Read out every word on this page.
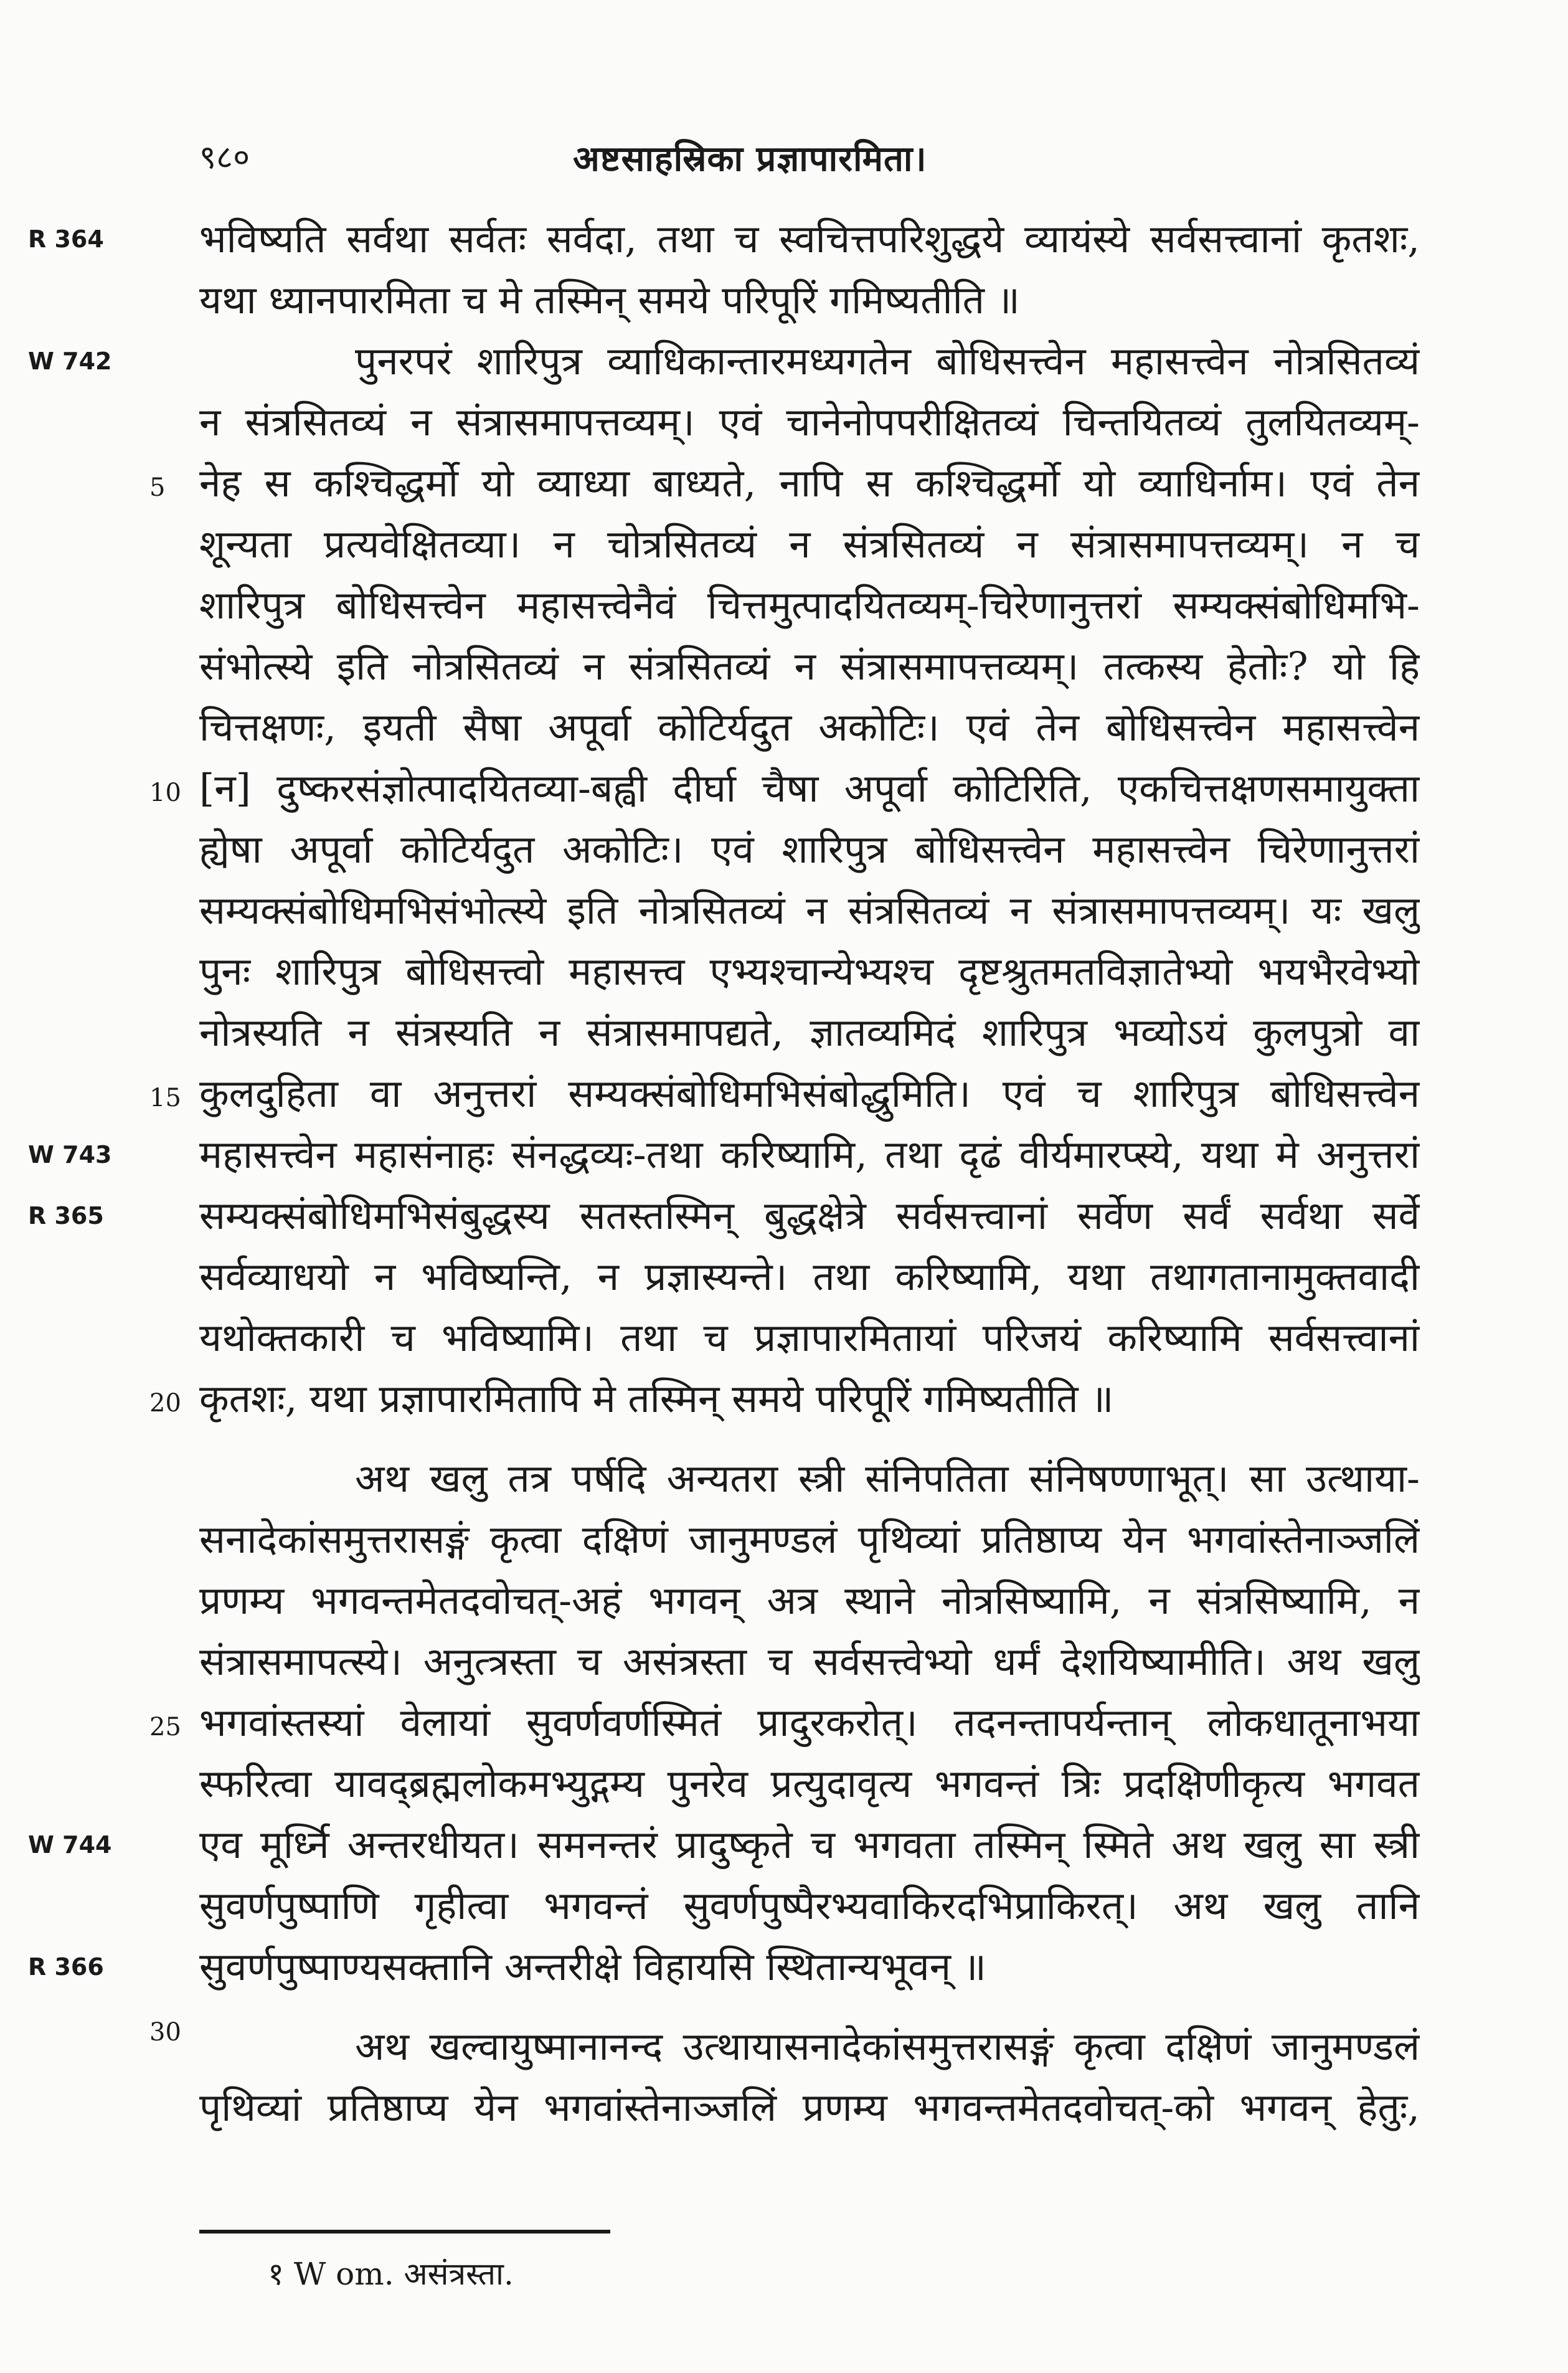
९८०	अष्टसाहस्रिका प्रज्ञापारमिता।
R 364
W 742
W 743
R 365
W 744
R 366
5
10
15
20
25
30
भविष्यति सर्वथा सर्वतः सर्वदा, तथा च स्वचित्तपरिशुद्धये व्यायंस्ये सर्वसत्त्वानां कृतशः,
यथा ध्यानपारमिता च मे तस्मिन् समये परिपूरिं गमिष्यतीति ॥
पुनरपरं शारिपुत्र व्याधिकान्तारमध्यगतेन बोधिसत्त्वेन महासत्त्वेन नोत्रसितव्यं
न संत्रसितव्यं न संत्रासमापत्तव्यम्। एवं चानेनोपपरीक्षितव्यं चिन्तयितव्यं तुलयितव्यम्-
नेह स कश्चिद्धर्मो यो व्याध्या बाध्यते, नापि स कश्चिद्धर्मो यो व्याधिर्नाम। एवं तेन
शून्यता प्रत्यवेक्षितव्या। न चोत्रसितव्यं न संत्रसितव्यं न संत्रासमापत्तव्यम्। न च
शारिपुत्र बोधिसत्त्वेन महासत्त्वेनैवं चित्तमुत्पादयितव्यम्-चिरेणानुत्तरां सम्यक्संबोधिमभि-
संभोत्स्ये इति नोत्रसितव्यं न संत्रसितव्यं न संत्रासमापत्तव्यम्। तत्कस्य हेतोः? यो हि
चित्तक्षणः, इयती सैषा अपूर्वा कोटिर्यदुत अकोटिः। एवं तेन बोधिसत्त्वेन महासत्त्वेन
[न] दुष्करसंज्ञोत्पादयितव्या-बह्वी दीर्घा चैषा अपूर्वा कोटिरिति, एकचित्तक्षणसमायुक्ता
ह्येषा अपूर्वा कोटिर्यदुत अकोटिः। एवं शारिपुत्र बोधिसत्त्वेन महासत्त्वेन चिरेणानुत्तरां
सम्यक्संबोधिमभिसंभोत्स्ये इति नोत्रसितव्यं न संत्रसितव्यं न संत्रासमापत्तव्यम्। यः खलु
पुनः शारिपुत्र बोधिसत्त्वो महासत्त्व एभ्यश्चान्येभ्यश्च दृष्टश्रुतमतविज्ञातेभ्यो भयभैरवेभ्यो
नोत्रस्यति न संत्रस्यति न संत्रासमापद्यते, ज्ञातव्यमिदं शारिपुत्र भव्योऽयं कुलपुत्रो वा
कुलदुहिता वा अनुत्तरां सम्यक्संबोधिमभिसंबोद्धुमिति। एवं च शारिपुत्र बोधिसत्त्वेन
महासत्त्वेन महासंनाहः संनद्धव्यः-तथा करिष्यामि, तथा दृढं वीर्यमारप्स्ये, यथा मे अनुत्तरां
सम्यक्संबोधिमभिसंबुद्धस्य सतस्तस्मिन् बुद्धक्षेत्रे सर्वसत्त्वानां सर्वेण सर्वं सर्वथा सर्वे
सर्वव्याधयो न भविष्यन्ति, न प्रज्ञास्यन्ते। तथा करिष्यामि, यथा तथागतानामुक्तवादी
यथोक्तकारी च भविष्यामि। तथा च प्रज्ञापारमितायां परिजयं करिष्यामि सर्वसत्त्वानां
कृतशः, यथा प्रज्ञापारमितापि मे तस्मिन् समये परिपूरिं गमिष्यतीति ॥
अथ खलु तत्र पर्षदि अन्यतरा स्त्री संनिपतिता संनिषण्णाभूत्। सा उत्थाया-
सनादेकांसमुत्तरासङ्गं कृत्वा दक्षिणं जानुमण्डलं पृथिव्यां प्रतिष्ठाप्य येन भगवांस्तेनाञ्जलिं
प्रणम्य भगवन्तमेतदवोचत्-अहं भगवन् अत्र स्थाने नोत्रसिष्यामि, न संत्रसिष्यामि, न
संत्रासमापत्स्ये। अनुत्त्रस्ता च असंत्रस्ता च सर्वसत्त्वेभ्यो धर्मं देशयिष्यामीति। अथ खलु
भगवांस्तस्यां वेलायां सुवर्णवर्णस्मितं प्रादुरकरोत्। तदनन्तापर्यन्तान् लोकधातूनाभया
स्फरित्वा यावद्ब्रह्मलोकमभ्युद्गम्य पुनरेव प्रत्युदावृत्य भगवन्तं त्रिः प्रदक्षिणीकृत्य भगवत
एव मूर्ध्नि अन्तरधीयत। समनन्तरं प्रादुष्कृते च भगवता तस्मिन् स्मिते अथ खलु सा स्त्री
सुवर्णपुष्पाणि गृहीत्वा भगवन्तं सुवर्णपुष्पैरभ्यवाकिरदभिप्राकिरत्। अथ खलु तानि
सुवर्णपुष्पाण्यसक्तानि अन्तरीक्षे विहायसि स्थितान्यभूवन् ॥
अथ खल्वायुष्मानानन्द उत्थायासनादेकांसमुत्तरासङ्गं कृत्वा दक्षिणं जानुमण्डलं
पृथिव्यां प्रतिष्ठाप्य येन भगवांस्तेनाञ्जलिं प्रणम्य भगवन्तमेतदवोचत्-को भगवन् हेतुः,
१ W om. असंत्रस्ता.
